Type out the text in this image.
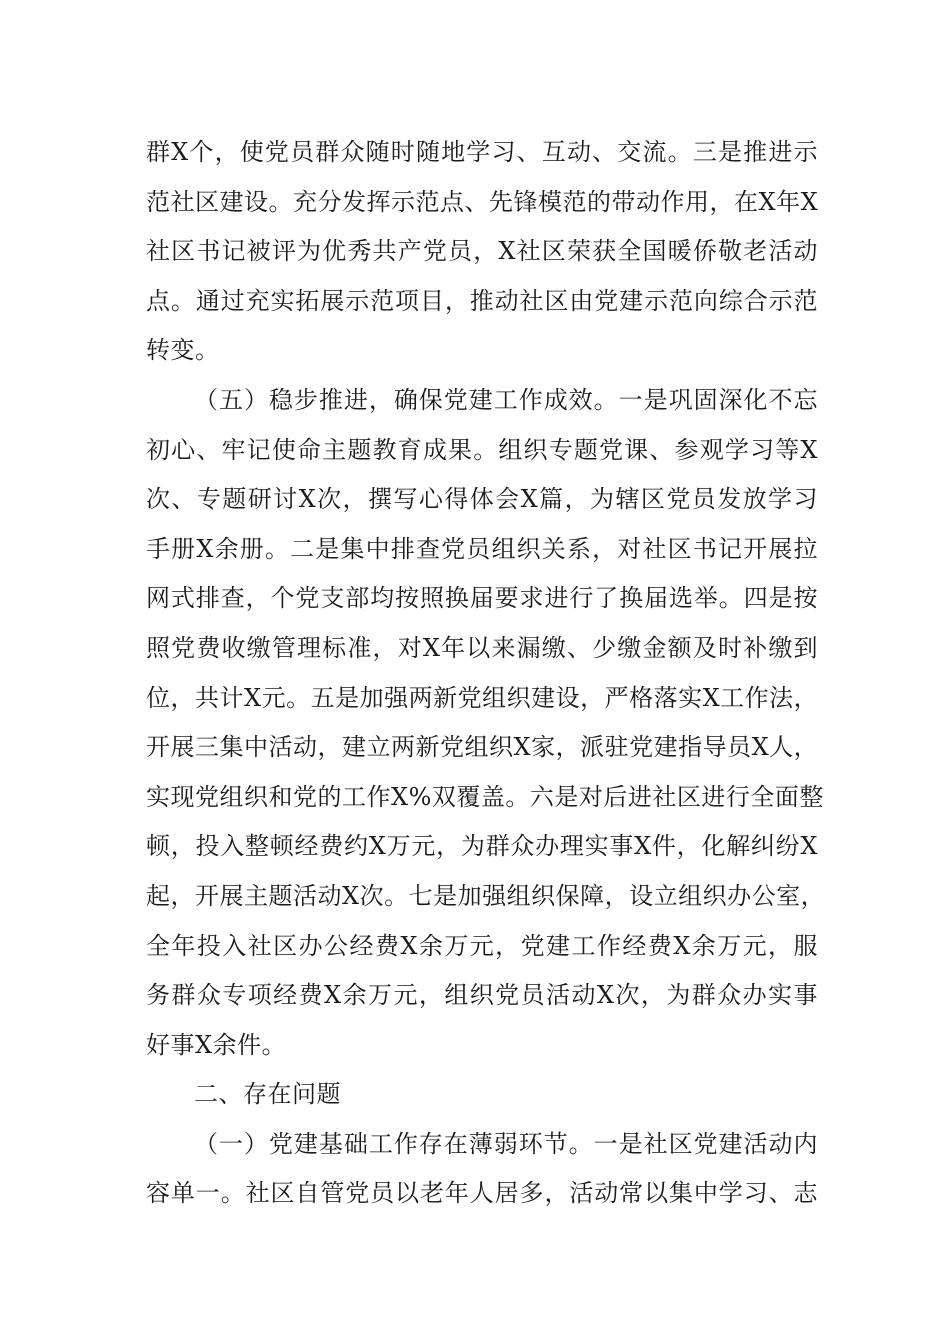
群X个，使党员群众随时随地学习、互动、交流。三是推进示
范社区建设。充分发挥示范点、先锋模范的带动作用，在X年X
社区书记被评为优秀共产党员，X社区荣获全国暖侨敬老活动
点。通过充实拓展示范项目，推动社区由党建示范向综合示范
转变。
（五）稳步推进，确保党建工作成效。一是巩固深化不忘
初心、牢记使命主题教育成果。组织专题党课、参观学习等X
次、专题研讨X次，撰写心得体会X篇，为辖区党员发放学习
手册X余册。二是集中排查党员组织关系，对社区书记开展拉
网式排查，个党支部均按照换届要求进行了换届选举。四是按
照党费收缴管理标准，对X年以来漏缴、少缴金额及时补缴到
位，共计X元。五是加强两新党组织建设，严格落实X工作法，
开展三集中活动，建立两新党组织X家，派驻党建指导员X人，
实现党组织和党的工作X%双覆盖。六是对后进社区进行全面整
顿，投入整顿经费约X万元，为群众办理实事X件，化解纠纷X
起，开展主题活动X次。七是加强组织保障，设立组织办公室，
全年投入社区办公经费X余万元，党建工作经费X余万元，服
务群众专项经费X余万元，组织党员活动X次，为群众办实事
好事X余件。
二、存在问题
（一）党建基础工作存在薄弱环节。一是社区党建活动内
容单一。社区自管党员以老年人居多，活动常以集中学习、志
